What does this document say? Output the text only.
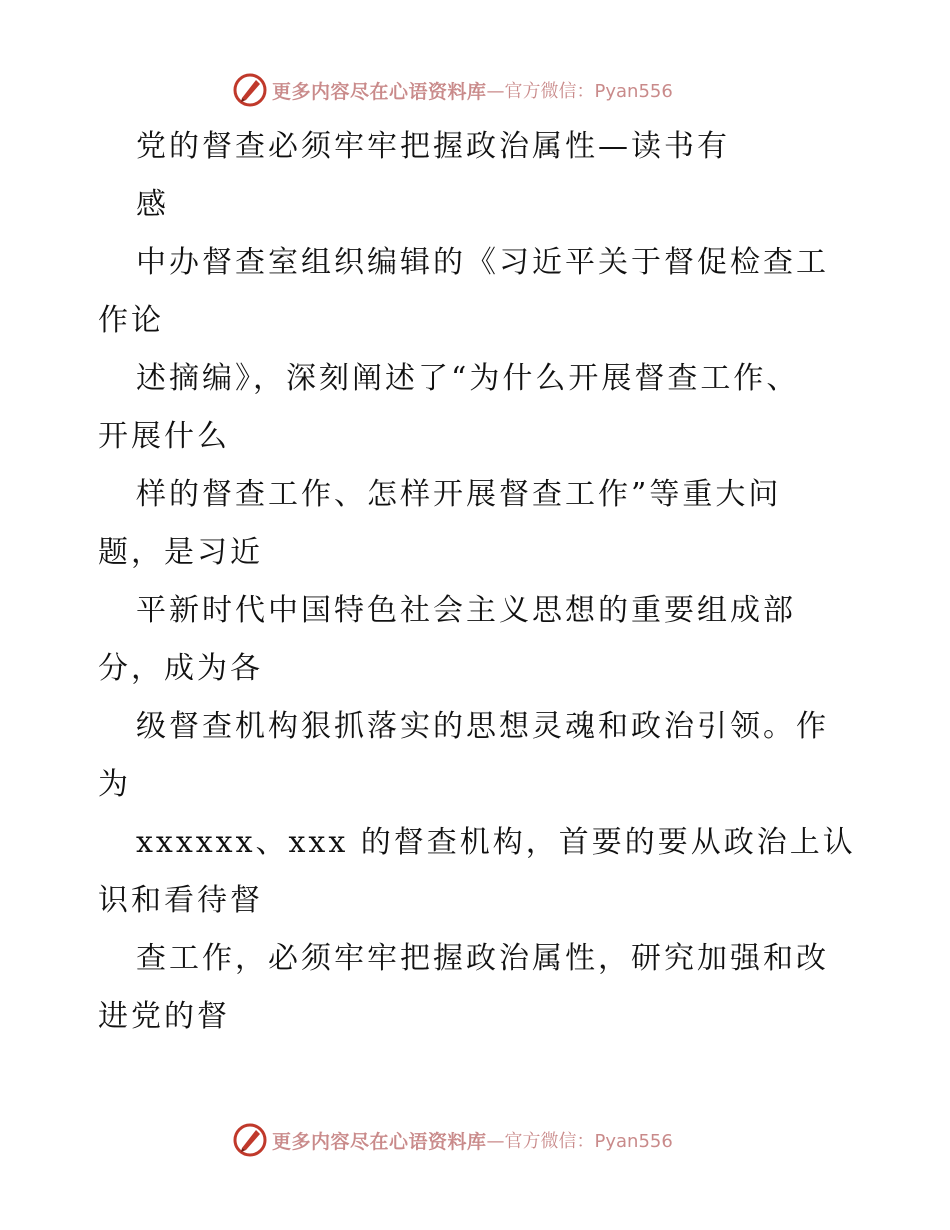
更多内容尽在心语资料库 —官方微信：Pyan556
党的督查必须牢牢把握政治属性—读书有
感
中办督查室组织编辑的《习近平关于督促检查工
作论
述摘编》，深刻阐述了“为什么开展督查工作、
开展什么
样的督查工作、怎样开展督查工作”等重大问
题，是习近
平新时代中国特色社会主义思想的重要组成部
分，成为各
级督查机构狠抓落实的思想灵魂和政治引领。作
为
xxxxxx、xxx 的督查机构，首要的要从政治上认
识和看待督
查工作，必须牢牢把握政治属性，研究加强和改
进党的督
更多内容尽在心语资料库 —官方微信：Pyan556
